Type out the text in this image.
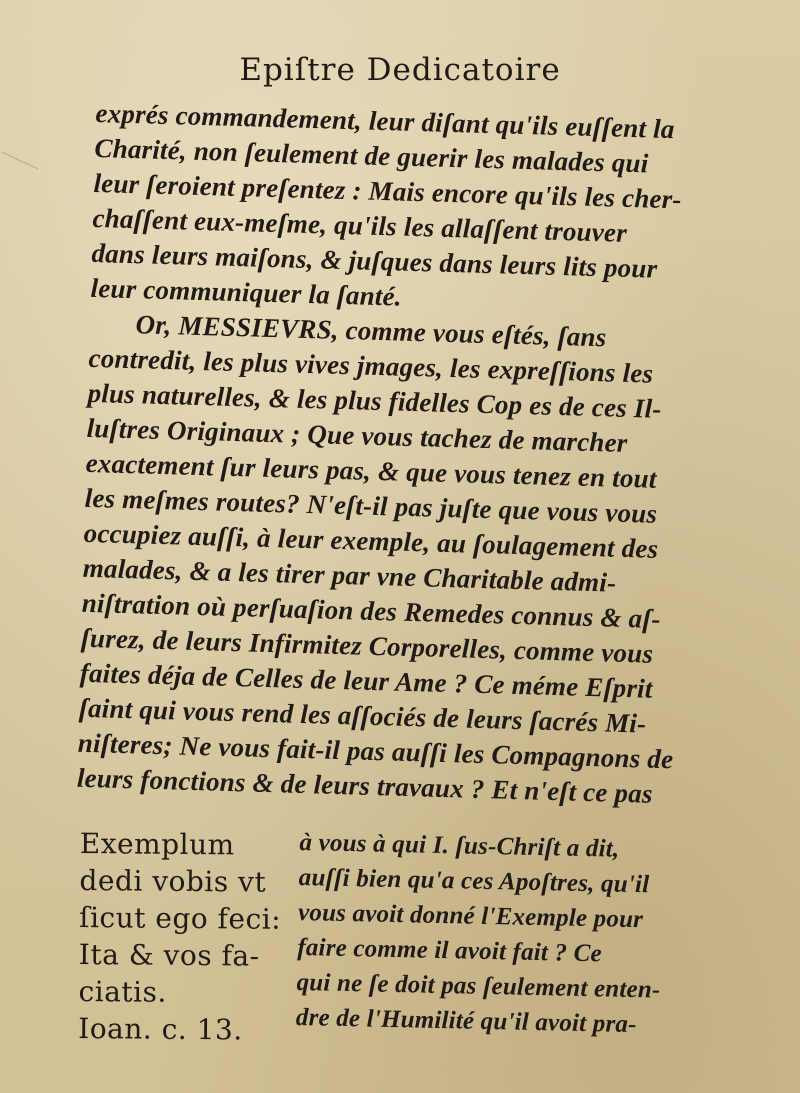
Epiſtre Dedicatoire
exprés commandement, leur diſant qu'ils euſſent la
Charité, non ſeulement de guerir les malades qui
leur ſeroient preſentez : Mais encore qu'ils les cher-
chaſſent eux-meſme, qu'ils les allaſſent trouver
dans leurs maiſons, & juſques dans leurs lits pour
leur communiquer la ſanté.
Or, MESSIEVRS, comme vous eſtés, ſans
contredit, les plus vives jmages, les expreſſions les
plus naturelles, & les plus fidelles Cop es de ces Il-
luſtres Originaux ; Que vous tachez de marcher
exactement ſur leurs pas, & que vous tenez en tout
les meſmes routes? N'eſt-il pas juſte que vous vous
occupiez auſſi, à leur exemple, au ſoulagement des
malades, & a les tirer par vne Charitable admi-
niſtration où perſuaſion des Remedes connus & aſ-
ſurez, de leurs Infirmitez Corporelles, comme vous
faites déja de Celles de leur Ame ? Ce méme Eſprit
ſaint qui vous rend les aſſociés de leurs ſacrés Mi-
niſteres; Ne vous fait-il pas auſſi les Compagnons de
leurs fonctions & de leurs travaux ? Et n'eſt ce pas
Exemplum
dedi vobis vt
ſicut ego feci:
Ita & vos fa-
ciatis.
Ioan. c. 13.
à vous à qui I. ſus-Chriſt a dit,
auſſi bien qu'a ces Apoſtres, qu'il
vous avoit donné l'Exemple pour
faire comme il avoit fait ? Ce
qui ne ſe doit pas ſeulement enten-
dre de l'Humilité qu'il avoit pra-
